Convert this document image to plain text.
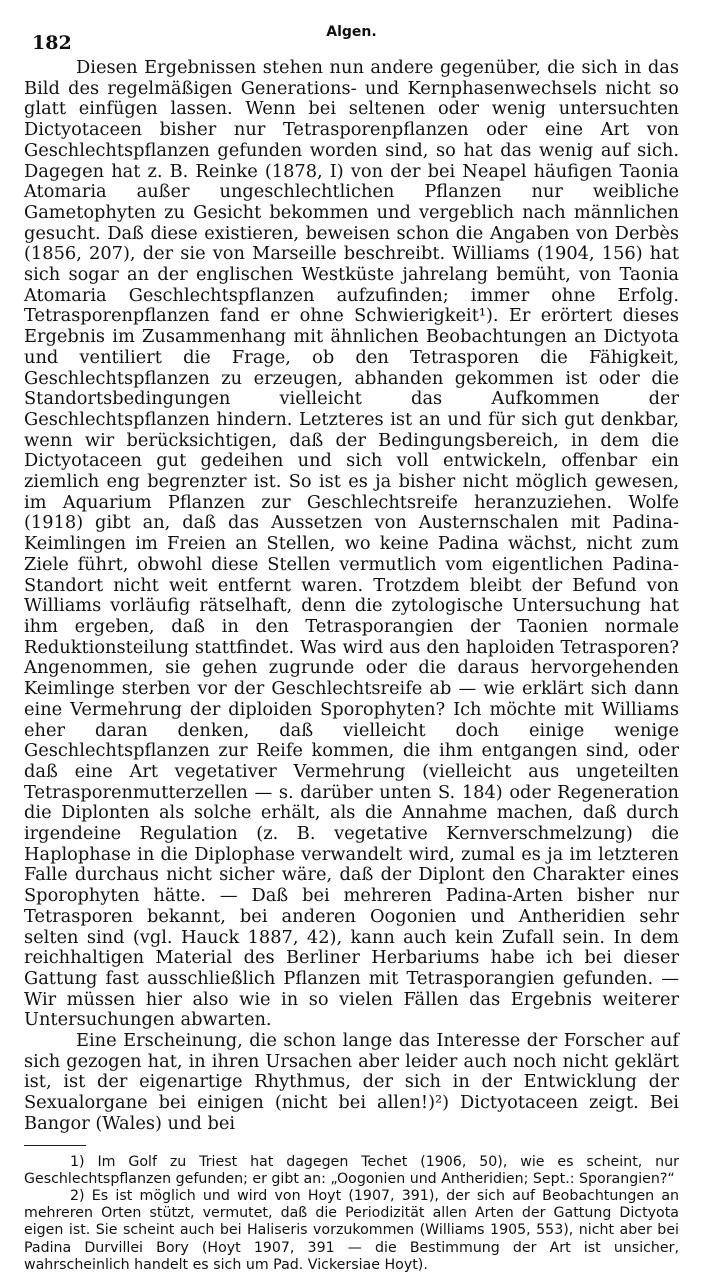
182	Algen.

Diesen Ergebnissen stehen nun andere gegenüber, die sich in das Bild des regelmäßigen Generations- und Kernphasenwechsels nicht so glatt einfügen lassen. Wenn bei seltenen oder wenig untersuchten Dictyotaceen bisher nur Tetrasporenpflanzen oder eine Art von Geschlechtspflanzen gefunden worden sind, so hat das wenig auf sich. Dagegen hat z. B. Reinke (1878, I) von der bei Neapel häufigen Taonia Atomaria außer ungeschlechtlichen Pflanzen nur weibliche Gametophyten zu Gesicht bekommen und vergeblich nach männlichen gesucht. Daß diese existieren, beweisen schon die Angaben von Derbès (1856, 207), der sie von Marseille beschreibt. Williams (1904, 156) hat sich sogar an der englischen Westküste jahrelang bemüht, von Taonia Atomaria Geschlechtspflanzen aufzufinden; immer ohne Erfolg. Tetrasporenpflanzen fand er ohne Schwierigkeit¹). Er erörtert dieses Ergebnis im Zusammenhang mit ähnlichen Beobachtungen an Dictyota und ventiliert die Frage, ob den Tetrasporen die Fähigkeit, Geschlechtspflanzen zu erzeugen, abhanden gekommen ist oder die Standortsbedingungen vielleicht das Aufkommen der Geschlechtspflanzen hindern. Letzteres ist an und für sich gut denkbar, wenn wir berücksichtigen, daß der Bedingungsbereich, in dem die Dictyotaceen gut gedeihen und sich voll entwickeln, offenbar ein ziemlich eng begrenzter ist. So ist es ja bisher nicht möglich gewesen, im Aquarium Pflanzen zur Geschlechtsreife heranzuziehen. Wolfe (1918) gibt an, daß das Aussetzen von Austernschalen mit Padina-Keimlingen im Freien an Stellen, wo keine Padina wächst, nicht zum Ziele führt, obwohl diese Stellen vermutlich vom eigentlichen Padina-Standort nicht weit entfernt waren. Trotzdem bleibt der Befund von Williams vorläufig rätselhaft, denn die zytologische Untersuchung hat ihm ergeben, daß in den Tetrasporangien der Taonien normale Reduktionsteilung stattfindet. Was wird aus den haploiden Tetrasporen? Angenommen, sie gehen zugrunde oder die daraus hervorgehenden Keimlinge sterben vor der Geschlechtsreife ab — wie erklärt sich dann eine Vermehrung der diploiden Sporophyten? Ich möchte mit Williams eher daran denken, daß vielleicht doch einige wenige Geschlechtspflanzen zur Reife kommen, die ihm entgangen sind, oder daß eine Art vegetativer Vermehrung (vielleicht aus ungeteilten Tetrasporenmutterzellen — s. darüber unten S. 184) oder Regeneration die Diplonten als solche erhält, als die Annahme machen, daß durch irgendeine Regulation (z. B. vegetative Kernverschmelzung) die Haplophase in die Diplophase verwandelt wird, zumal es ja im letzteren Falle durchaus nicht sicher wäre, daß der Diplont den Charakter eines Sporophyten hätte. — Daß bei mehreren Padina-Arten bisher nur Tetrasporen bekannt, bei anderen Oogonien und Antheridien sehr selten sind (vgl. Hauck 1887, 42), kann auch kein Zufall sein. In dem reichhaltigen Material des Berliner Herbariums habe ich bei dieser Gattung fast ausschließlich Pflanzen mit Tetrasporangien gefunden. — Wir müssen hier also wie in so vielen Fällen das Ergebnis weiterer Untersuchungen abwarten.

Eine Erscheinung, die schon lange das Interesse der Forscher auf sich gezogen hat, in ihren Ursachen aber leider auch noch nicht geklärt ist, ist der eigenartige Rhythmus, der sich in der Entwicklung der Sexualorgane bei einigen (nicht bei allen!)²) Dictyotaceen zeigt. Bei Bangor (Wales) und bei

1) Im Golf zu Triest hat dagegen Techet (1906, 50), wie es scheint, nur Geschlechtspflanzen gefunden; er gibt an: „Oogonien und Antheridien; Sept.: Sporangien?“

2) Es ist möglich und wird von Hoyt (1907, 391), der sich auf Beobachtungen an mehreren Orten stützt, vermutet, daß die Periodizität allen Arten der Gattung Dictyota eigen ist. Sie scheint auch bei Haliseris vorzukommen (Williams 1905, 553), nicht aber bei Padina Durvillei Bory (Hoyt 1907, 391 — die Bestimmung der Art ist unsicher, wahrscheinlich handelt es sich um Pad. Vickersiae Hoyt).
